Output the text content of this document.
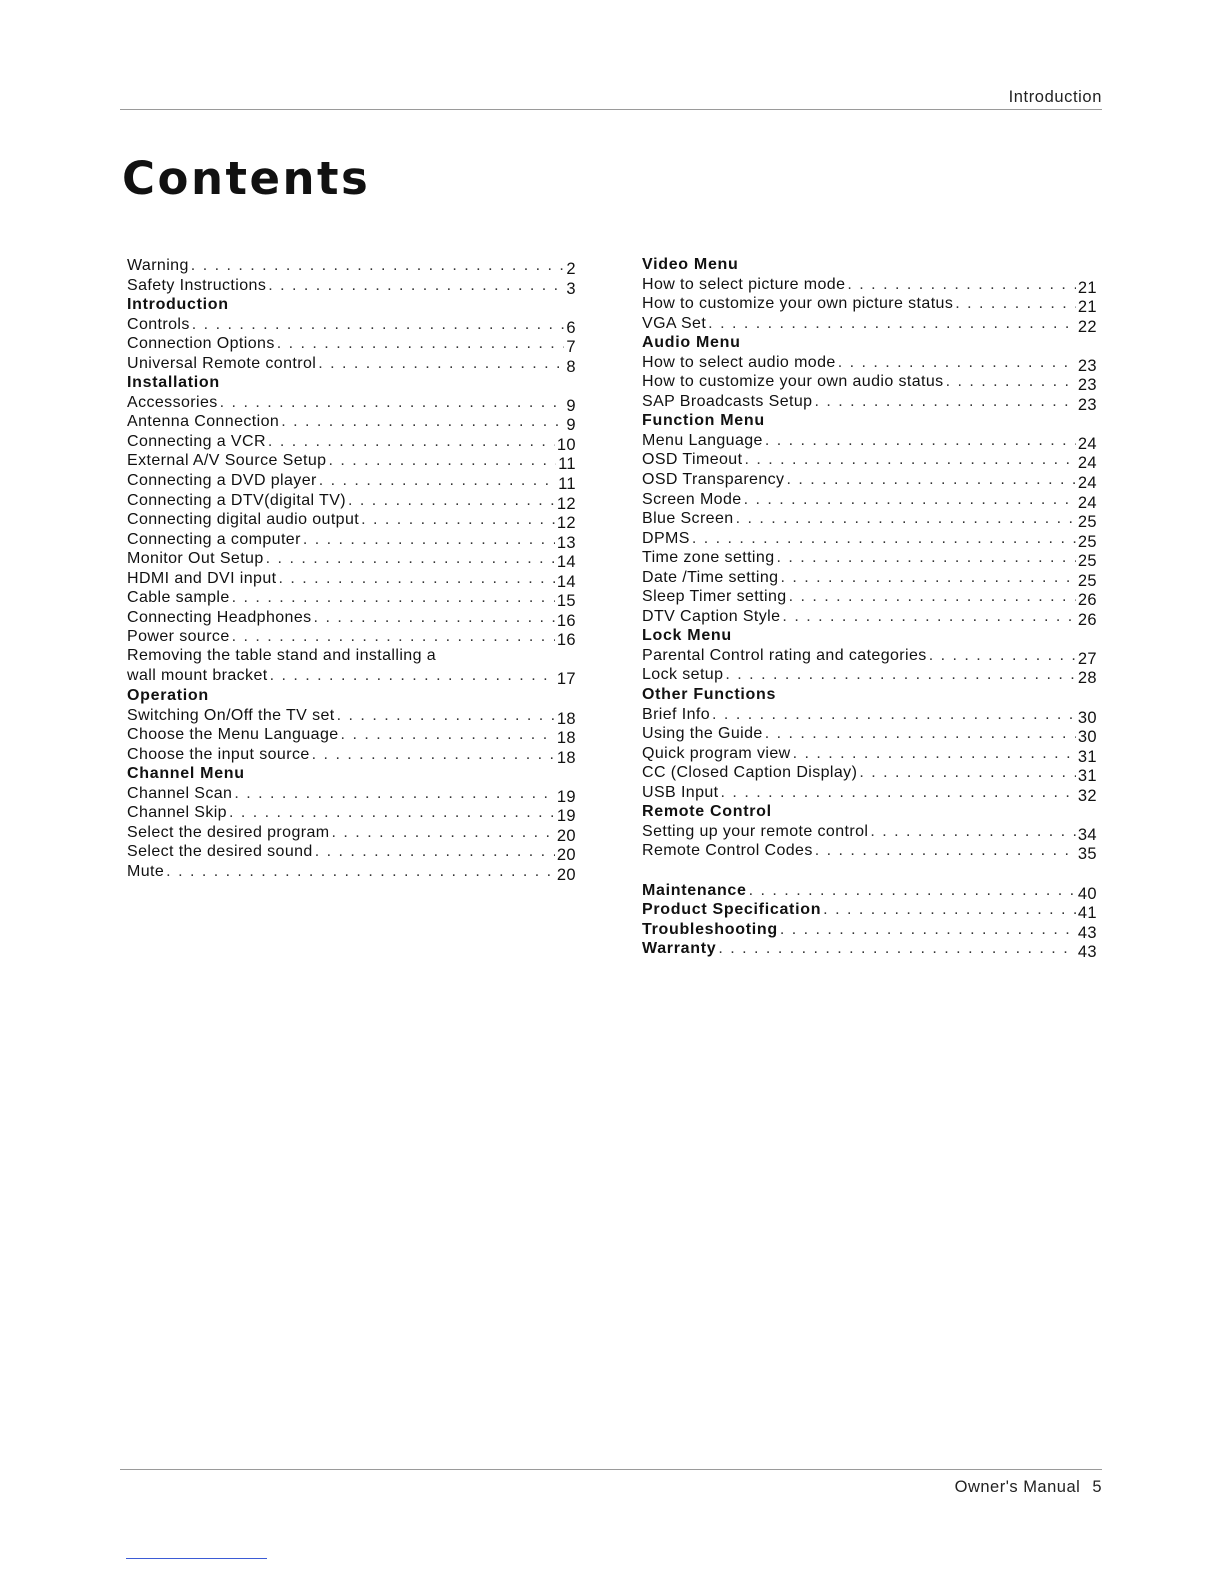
Introduction
Contents
Warning . . .	2
Safety Instructions . . .	3
Introduction
Controls . . .	6
Connection Options . . .	7
Universal Remote control . . .	8
Installation
Accessories . . .	9
Antenna Connection . . .	9
Connecting a VCR . . .	10
External A/V Source Setup . . .	11
Connecting a DVD player . . .	11
Connecting a DTV(digital TV) . . .	12
Connecting digital audio output . . .	12
Connecting a computer . . .	13
Monitor Out Setup . . .	14
HDMI and DVI input . . .	14
Cable sample . . .	15
Connecting Headphones . . .	16
Power source . . .	16
Removing the table stand and installing a
wall mount bracket . . .	17
Operation
Switching On/Off the TV set . . .	18
Choose the Menu Language . . .	18
Choose the input source . . .	18
Channel Menu
Channel Scan . . .	19
Channel Skip . . .	19
Select the desired program . . .	20
Select the desired sound . . .	20
Mute . . .	20
Video Menu
How to select picture mode . . .	21
How to customize your own picture status . . .	21
VGA Set . . .	22
Audio Menu
How to select audio mode . . .	23
How to customize your own audio status . . .	23
SAP Broadcasts Setup . . .	23
Function Menu
Menu Language . . .	24
OSD Timeout . . .	24
OSD Transparency . . .	24
Screen Mode . . .	24
Blue Screen . . .	25
DPMS . . .	25
Time zone setting . . .	25
Date /Time setting . . .	25
Sleep Timer setting . . .	26
DTV Caption Style . . .	26
Lock Menu
Parental Control rating and categories . . .	27
Lock setup . . .	28
Other Functions
Brief Info . . .	30
Using the Guide . . .	30
Quick program view . . .	31
CC (Closed Caption Display) . . .	31
USB Input . . .	32
Remote Control
Setting up your remote control . . .	34
Remote Control Codes . . .	35
Maintenance . . .	40
Product Specification . . .	41
Troubleshooting . . .	43
Warranty . . .	43
Owner's Manual 5
